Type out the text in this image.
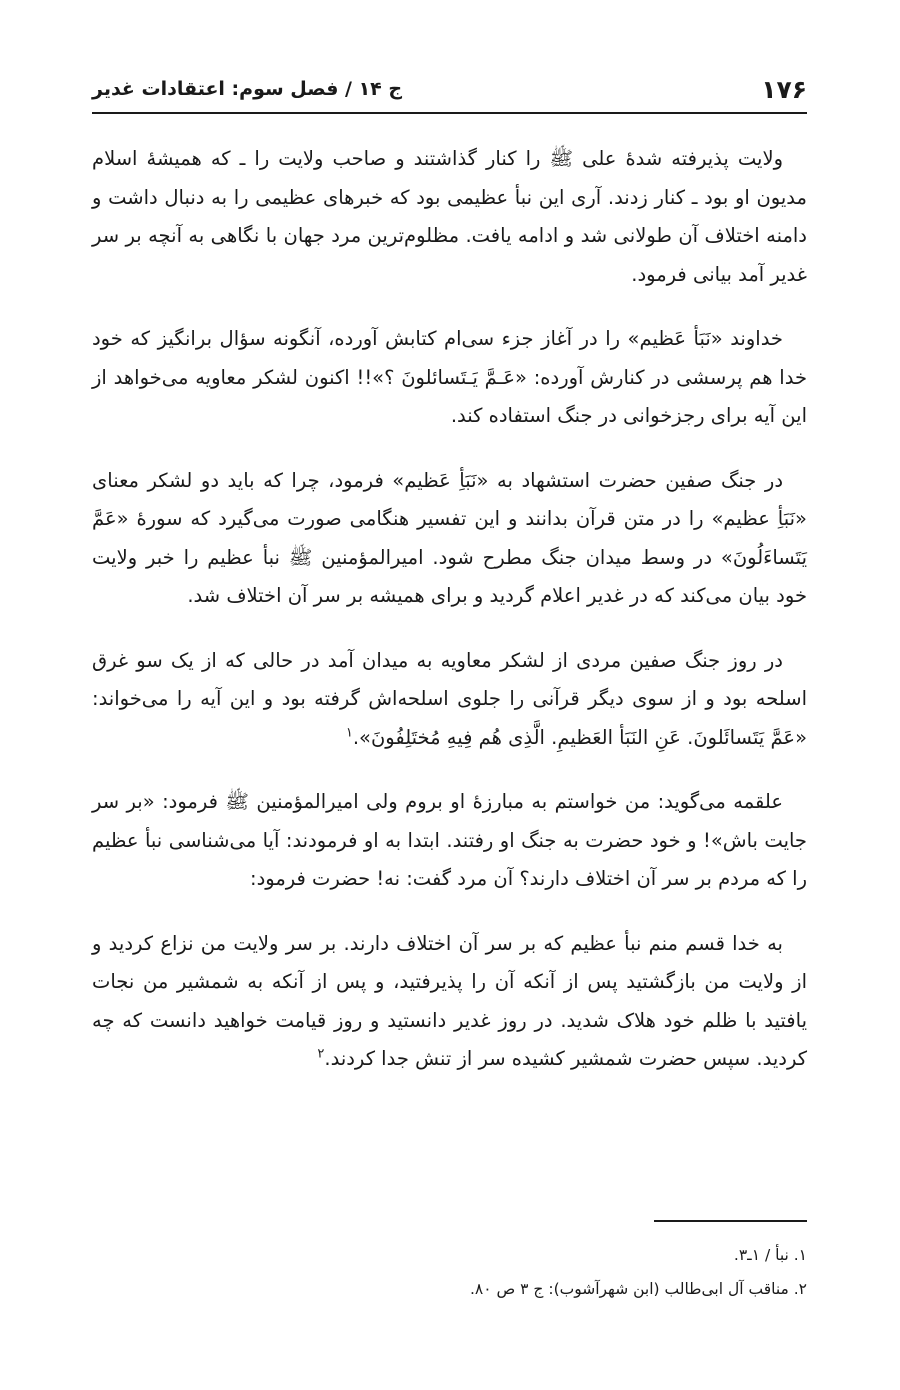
۱۷۶
ج ۱۴ / فصل سوم: اعتقادات غدیر

ولایت پذیرفته شدهٔ علی ﷺ را کنار گذاشتند و صاحب ولایت را ـ که همیشهٔ اسلام مدیون او بود ـ کنار زدند. آری این نبأ عظیمی بود که خبرهای عظیمی را به دنبال داشت و دامنه اختلاف آن طولانی شد و ادامه یافت. مظلوم‌ترین مرد جهان با نگاهی به آنچه بر سر غدیر آمد بیانی فرمود.

خداوند «نَبَأ عَظیم» را در آغاز جزء سی‌ام کتابش آورده، آنگونه سؤال برانگیز که خود خدا هم پرسشی در کنارش آورده: «عَـمَّ یَـتَسائلونَ ؟»!! اکنون لشکر معاویه می‌خواهد از این آیه برای رجزخوانی در جنگ استفاده کند.

در جنگ صفین حضرت استشهاد به «نَبَأِ عَظیم» فرمود، چرا که باید دو لشکر معنای «نَبَأِ عظیم» را در متن قرآن بدانند و این تفسیر هنگامی صورت می‌گیرد که سورهٔ «عَمَّ یَتَساءَلُونَ» در وسط میدان جنگ مطرح شود. امیرالمؤمنین ﷺ نبأ عظیم را خبر ولایت خود بیان می‌کند که در غدیر اعلام گردید و برای همیشه بر سر آن اختلاف شد.

در روز جنگ صفین مردی از لشکر معاویه به میدان آمد در حالی که از یک سو غرق اسلحه بود و از سوی دیگر قرآنی را جلوی اسلحه‌اش گرفته بود و این آیه را می‌خواند: «عَمَّ یَتَسائَلونَ. عَنِ النَبَأ العَظیمِ. الَّذِی هُم فِیهِ مُختَلِفُونَ».$^۱$

علقمه می‌گوید: من خواستم به مبارزهٔ او بروم ولی امیرالمؤمنین ﷺ فرمود: «بر سر جایت باش»! و خود حضرت به جنگ او رفتند. ابتدا به او فرمودند: آیا می‌شناسی نبأ عظیم را که مردم بر سر آن اختلاف دارند؟ آن مرد گفت: نه! حضرت فرمود:

به خدا قسم منم نبأ عظیم که بر سر آن اختلاف دارند. بر سر ولایت من نزاع کردید و از ولایت من بازگشتید پس از آنکه آن را پذیرفتید، و پس از آنکه به شمشیر من نجات یافتید با ظلم خود هلاک شدید. در روز غدیر دانستید و روز قیامت خواهید دانست که چه کردید. سپس حضرت شمشیر کشیده سر از تنش جدا کردند.$^۲$

۱. نبأ / ۱ـ۳.
۲. مناقب آل ابی‌طالب (ابن شهرآشوب): ج ۳ ص ۸۰.
